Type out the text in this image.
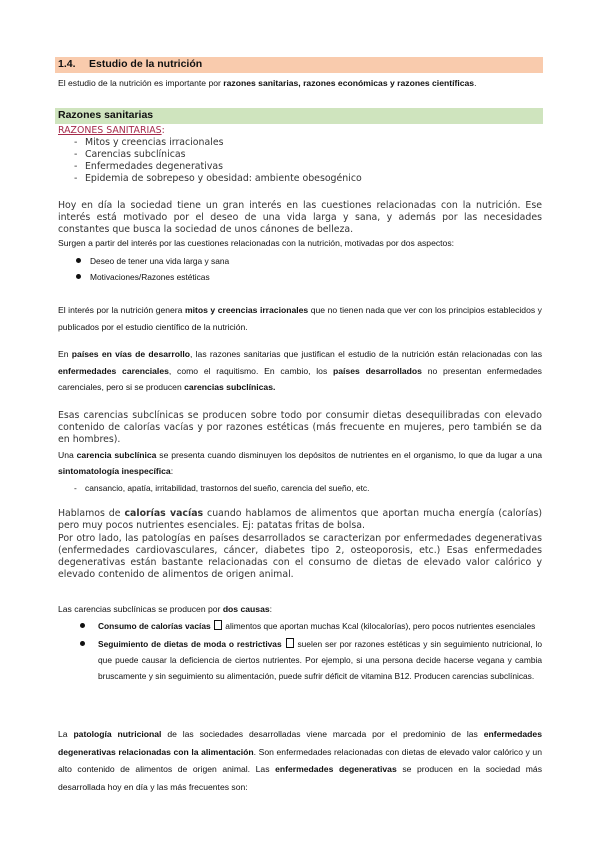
1.4. Estudio de la nutrición

El estudio de la nutrición es importante por razones sanitarias, razones económicas y razones científicas.

Razones sanitarias
RAZONES SANITARIAS:
- Mitos y creencias irracionales
- Carencias subclínicas
- Enfermedades degenerativas
- Epidemia de sobrepeso y obesidad: ambiente obesogénico

Hoy en día la sociedad tiene un gran interés en las cuestiones relacionadas con la nutrición. Ese interés está motivado por el deseo de una vida larga y sana, y además por las necesidades constantes que busca la sociedad de unos cánones de belleza.

Surgen a partir del interés por las cuestiones relacionadas con la nutrición, motivadas por dos aspectos:

Deseo de tener una vida larga y sana
Motivaciones/Razones estéticas

El interés por la nutrición genera mitos y creencias irracionales que no tienen nada que ver con los principios establecidos y publicados por el estudio científico de la nutrición.

En países en vías de desarrollo, las razones sanitarias que justifican el estudio de la nutrición están relacionadas con las enfermedades carenciales, como el raquitismo. En cambio, los países desarrollados no presentan enfermedades carenciales, pero si se producen carencias subclínicas.

Esas carencias subclínicas se producen sobre todo por consumir dietas desequilibradas con elevado contenido de calorías vacías y por razones estéticas (más frecuente en mujeres, pero también se da en hombres).

Una carencia subclínica se presenta cuando disminuyen los depósitos de nutrientes en el organismo, lo que da lugar a una sintomatología inespecífica:

- cansancio, apatía, irritabilidad, trastornos del sueño, carencia del sueño, etc.

Hablamos de calorías vacías cuando hablamos de alimentos que aportan mucha energía (calorías) pero muy pocos nutrientes esenciales. Ej: patatas fritas de bolsa.

Por otro lado, las patologías en países desarrollados se caracterizan por enfermedades degenerativas (enfermedades cardiovasculares, cáncer, diabetes tipo 2, osteoporosis, etc.) Esas enfermedades degenerativas están bastante relacionadas con el consumo de dietas de elevado valor calórico y elevado contenido de alimentos de origen animal.

Las carencias subclínicas se producen por dos causas:

Consumo de calorías vacías  alimentos que aportan muchas Kcal (kilocalorías), pero pocos nutrientes esenciales
Seguimiento de dietas de moda o restrictivas  suelen ser por razones estéticas y sin seguimiento nutricional, lo que puede causar la deficiencia de ciertos nutrientes. Por ejemplo, si una persona decide hacerse vegana y cambia bruscamente y sin seguimiento su alimentación, puede sufrir déficit de vitamina B12. Producen carencias subclínicas.

La patología nutricional de las sociedades desarrolladas viene marcada por el predominio de las enfermedades degenerativas relacionadas con la alimentación. Son enfermedades relacionadas con dietas de elevado valor calórico y un alto contenido de alimentos de origen animal. Las enfermedades degenerativas se producen en la sociedad más desarrollada hoy en día y las más frecuentes son:
